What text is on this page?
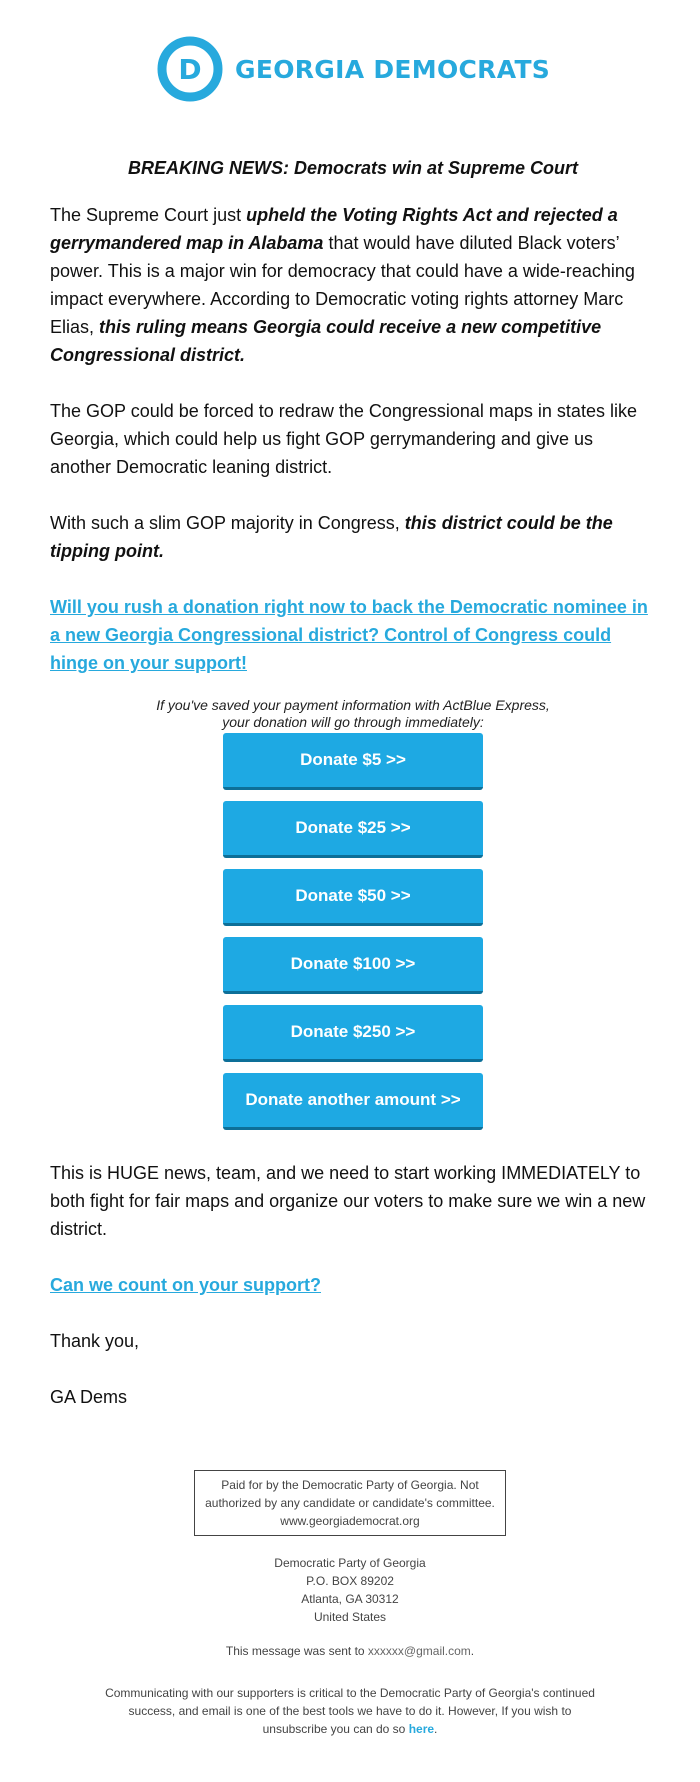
D GEORGIA DEMOCRATS
BREAKING NEWS: Democrats win at Supreme Court

The Supreme Court just upheld the Voting Rights Act and rejected a gerrymandered map in Alabama that would have diluted Black voters’ power. This is a major win for democracy that could have a wide-reaching impact everywhere. According to Democratic voting rights attorney Marc Elias, this ruling means Georgia could receive a new competitive Congressional district.

The GOP could be forced to redraw the Congressional maps in states like Georgia, which could help us fight GOP gerrymandering and give us another Democratic leaning district.

With such a slim GOP majority in Congress, this district could be the tipping point.

Will you rush a donation right now to back the Democratic nominee in a new Georgia Congressional district? Control of Congress could hinge on your support!
If you've saved your payment information with ActBlue Express,
your donation will go through immediately:
Donate $5 >>
Donate $25 >>
Donate $50 >>
Donate $100 >>
Donate $250 >>
Donate another amount >>

This is HUGE news, team, and we need to start working IMMEDIATELY to both fight for fair maps and organize our voters to make sure we win a new district.

Can we count on your support?

Thank you,

GA Dems

Paid for by the Democratic Party of Georgia. Not
authorized by any candidate or candidate's committee.
www.georgiademocrat.org
Democratic Party of Georgia
P.O. BOX 89202
Atlanta, GA 30312
United States
This message was sent to xxxxxx@gmail.com.
Communicating with our supporters is critical to the Democratic Party of Georgia's continued success, and email is one of the best tools we have to do it. However, If you wish to unsubscribe you can do so here.
